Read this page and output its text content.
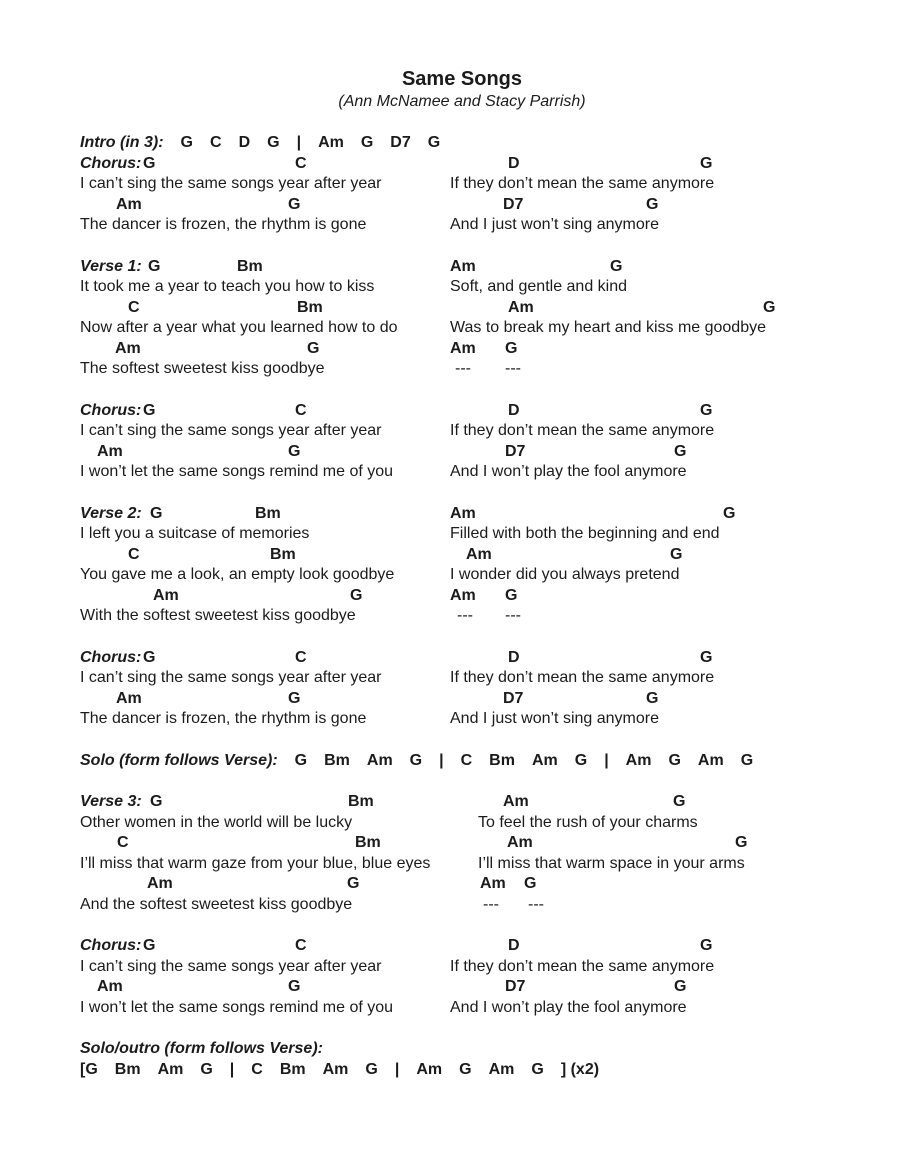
Same Songs
(Ann McNamee and Stacy Parrish)
Intro (in 3): G C D G | Am G D7 G
Chorus: G	C	D	G
I can’t sing the same songs year after year	If they don’t mean the same anymore
Am	G	D7	G
The dancer is frozen, the rhythm is gone	And I just won’t sing anymore
Verse 1: G	Bm	Am	G
It took me a year to teach you how to kiss	Soft, and gentle and kind
C	Bm	Am	G
Now after a year what you learned how to do	Was to break my heart and kiss me goodbye
Am	G	Am G
The softest sweetest kiss goodbye	--- ---
Chorus: G	C	D	G
I can’t sing the same songs year after year	If they don’t mean the same anymore
Am	G	D7	G
I won’t let the same songs remind me of you	And I won’t play the fool anymore
Verse 2: G	Bm	Am	G
I left you a suitcase of memories	Filled with both the beginning and end
C	Bm	Am	G
You gave me a look, an empty look goodbye	I wonder did you always pretend
Am	G	Am G
With the softest sweetest kiss goodbye	--- ---
Chorus: G	C	D	G
I can’t sing the same songs year after year	If they don’t mean the same anymore
Am	G	D7	G
The dancer is frozen, the rhythm is gone	And I just won’t sing anymore
Solo (form follows Verse): G Bm Am G | C Bm Am G | Am G Am G
Verse 3: G	Bm	Am	G
Other women in the world will be lucky	To feel the rush of your charms
C	Bm	Am	G
I’ll miss that warm gaze from your blue, blue eyes	I’ll miss that warm space in your arms
Am	G	Am G
And the softest sweetest kiss goodbye	--- ---
Chorus: G	C	D	G
I can’t sing the same songs year after year	If they don’t mean the same anymore
Am	G	D7	G
I won’t let the same songs remind me of you	And I won’t play the fool anymore
Solo/outro (form follows Verse):
[G Bm Am G | C Bm Am G | Am G Am G ] (x2)
